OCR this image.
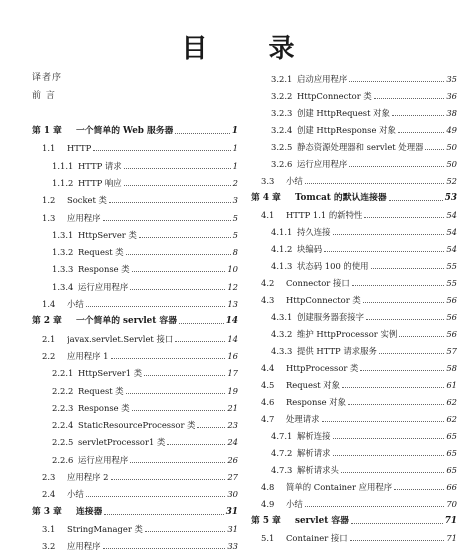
目 录
译者序
前 言
第 1 章	一个简单的 Web 服务器	1
1.1	HTTP	1
1.1.1 HTTP 请求	1
1.1.2 HTTP 响应	2
1.2	Socket 类	3
1.3	应用程序	5
1.3.1 HttpServer 类	5
1.3.2 Request 类	8
1.3.3 Response 类	10
1.3.4 运行应用程序	12
1.4	小结	13
第 2 章	一个简单的 servlet 容器	14
2.1	javax.servlet.Servlet 接口	14
2.2	应用程序 1	16
2.2.1 HttpServer1 类	17
2.2.2 Request 类	19
2.2.3 Response 类	21
2.2.4 StaticResourceProcessor 类	23
2.2.5 servletProcessor1 类	24
2.2.6 运行应用程序	26
2.3	应用程序 2	27
2.4	小结	30
第 3 章	连接器	31
3.1	StringManager 类	31
3.2	应用程序	33
3.2.1 启动应用程序	35
3.2.2 HttpConnector 类	36
3.2.3 创建 HttpRequest 对象	38
3.2.4 创建 HttpResponse 对象	49
3.2.5 静态资源处理器和 servlet 处理器	50
3.2.6 运行应用程序	50
3.3	小结	52
第 4 章	Tomcat 的默认连接器	53
4.1	HTTP 1.1 的新特性	54
4.1.1 持久连接	54
4.1.2 块编码	54
4.1.3 状态码 100 的使用	55
4.2	Connector 接口	55
4.3	HttpConnector 类	56
4.3.1 创建服务器套接字	56
4.3.2 维护 HttpProcessor 实例	56
4.3.3 提供 HTTP 请求服务	57
4.4	HttpProcessor 类	58
4.5	Request 对象	61
4.6	Response 对象	62
4.7	处理请求	62
4.7.1 解析连接	65
4.7.2 解析请求	65
4.7.3 解析请求头	65
4.8	简单的 Container 应用程序	66
4.9	小结	70
第 5 章	servlet 容器	71
5.1	Container 接口	71
